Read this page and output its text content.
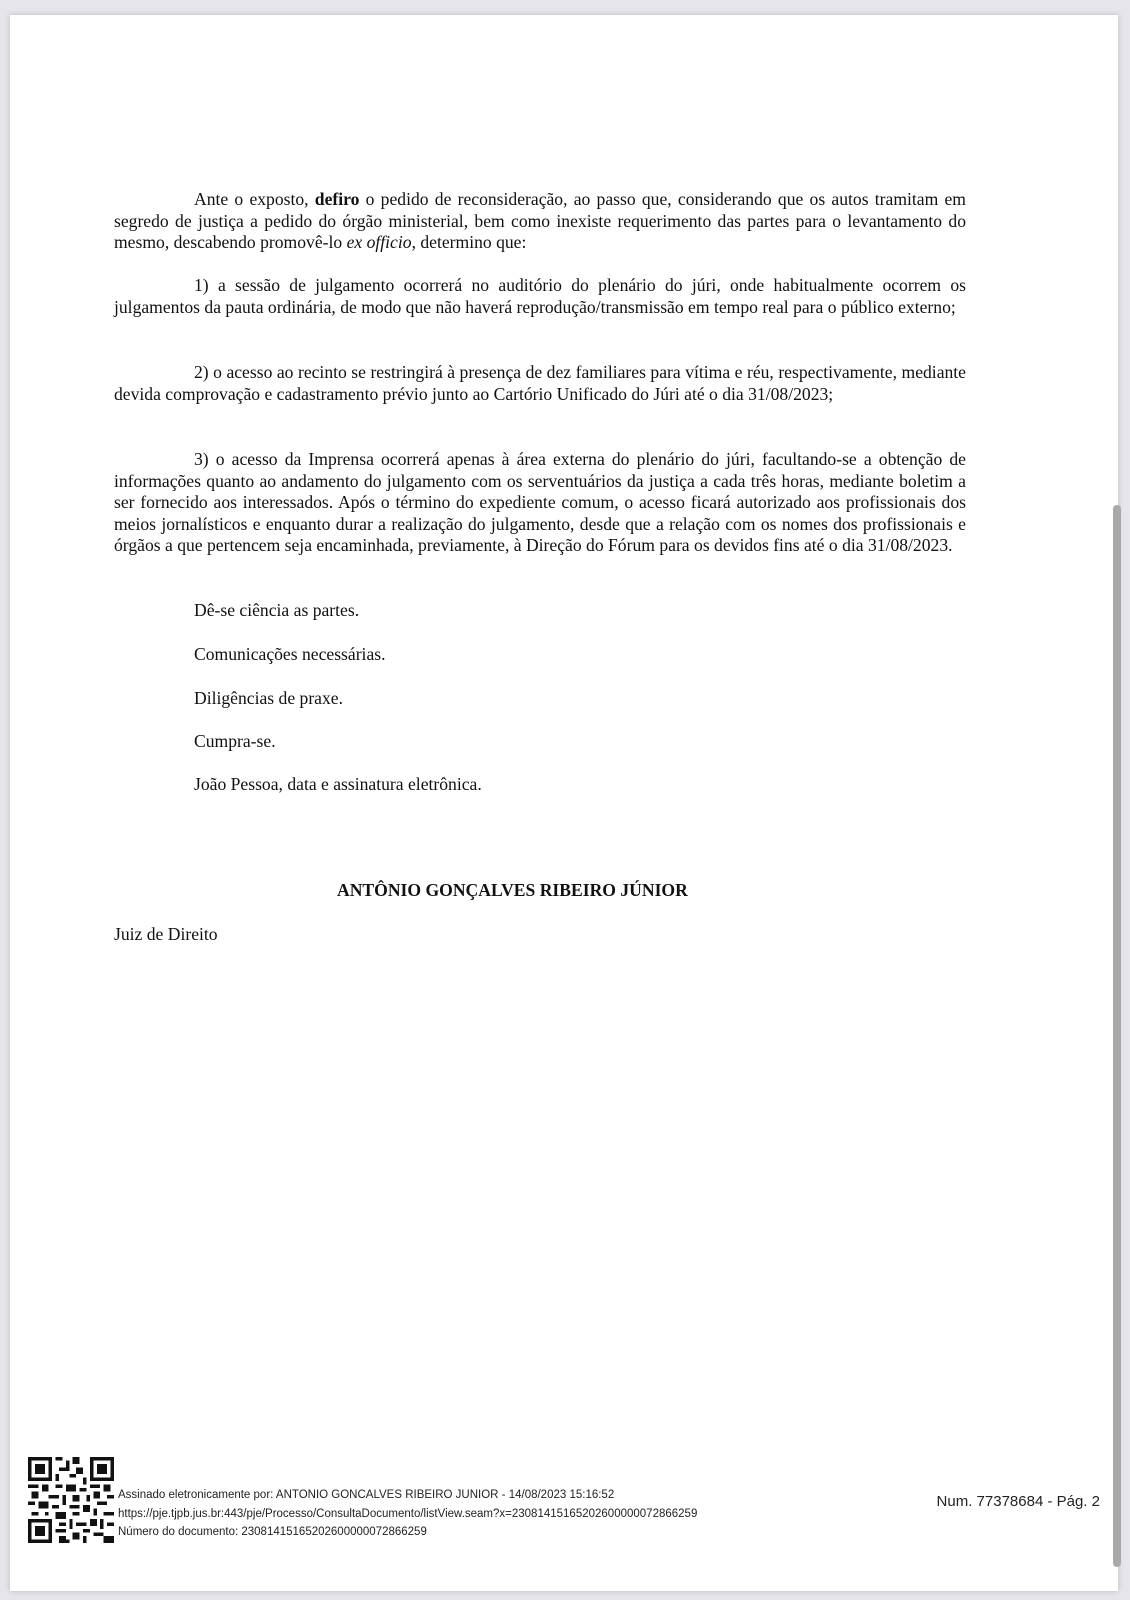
Ante o exposto, defiro o pedido de reconsideração, ao passo que, considerando que os autos tramitam em segredo de justiça a pedido do órgão ministerial, bem como inexiste requerimento das partes para o levantamento do mesmo, descabendo promovê-lo ex officio, determino que:

1) a sessão de julgamento ocorrerá no auditório do plenário do júri, onde habitualmente ocorrem os julgamentos da pauta ordinária, de modo que não haverá reprodução/transmissão em tempo real para o público externo;

2) o acesso ao recinto se restringirá à presença de dez familiares para vítima e réu, respectivamente, mediante devida comprovação e cadastramento prévio junto ao Cartório Unificado do Júri até o dia 31/08/2023;

3) o acesso da Imprensa ocorrerá apenas à área externa do plenário do júri, facultando-se a obtenção de informações quanto ao andamento do julgamento com os serventuários da justiça a cada três horas, mediante boletim a ser fornecido aos interessados. Após o término do expediente comum, o acesso ficará autorizado aos profissionais dos meios jornalísticos e enquanto durar a realização do julgamento, desde que a relação com os nomes dos profissionais e órgãos a que pertencem seja encaminhada, previamente, à Direção do Fórum para os devidos fins até o dia 31/08/2023.

Dê-se ciência as partes.
Comunicações necessárias.
Diligências de praxe.
Cumpra-se.
João Pessoa, data e assinatura eletrônica.
ANTÔNIO GONÇALVES RIBEIRO JÚNIOR
Juiz de Direito
Assinado eletronicamente por: ANTONIO GONCALVES RIBEIRO JUNIOR - 14/08/2023 15:16:52
https://pje.tjpb.jus.br:443/pje/Processo/ConsultaDocumento/listView.seam?x=23081415165202600000072866259
Número do documento: 23081415165202600000072866259
Num. 77378684 - Pág. 2
